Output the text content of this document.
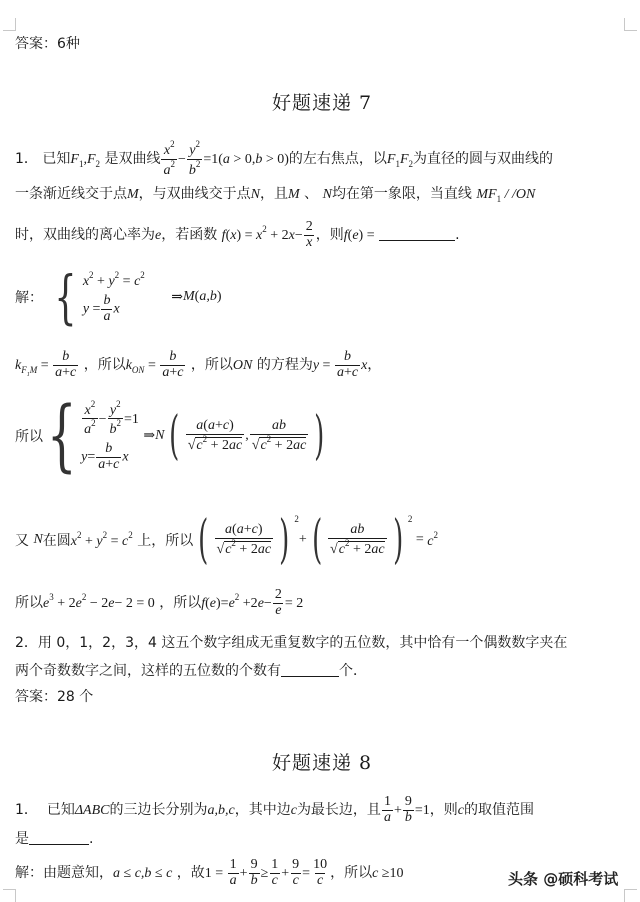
答案：6种
好题速递 7
1． 已知$F_1,F_2$ 是双曲线 $\frac{x^2}{a^2} - \frac{y^2}{b^2} =1(a > 0,b > 0)$的左右焦点，以$F_1F_2$为直径的圆与双曲线的
一条渐近线交于点M，与双曲线交于点N，且M 、 N均在第一象限，当直线 $MF_1 / /ON$
时，双曲线的离心率为e，若函数 $f(x) = x^2 + 2x- \frac{2}{x}$ ，则f(e) =	.
解： { $x^2 + y^2 = c^2$
$y = \frac{b}{a}$ x
⇒M(a,b)
$k_{F_1M} = \frac{b}{a+c}$ ，所以$k_{ON} = \frac{b}{a+c}$ ，所以ON 的方程为$y = \frac{b}{a+c}$ x，
所以{ $\frac{x^2}{a^2} - \frac{y^2}{b^2} =1$
$y= \frac{b}{a+c}$ x
⇒N( $\frac{a(a+c)}{√c^2 + 2ac}$ , $\frac{ab}{√c^2 + 2ac}$ )
又 N在圆$x^2 + y^2 = c^2$ 上，所以( $\frac{a(a+c)}{√c^2 + 2ac}$ ) $^2+( \frac{ab}{√c^2 + 2ac}$ ) $^2 = c^2$
所以$e^3 + 2e^2 - 2e- 2 = 0$ ，所以$f(e)=e^2 +2e- \frac{2}{e} = 2$
2．用 0，1，2，3，4 这五个数字组成无重复数字的五位数，其中恰有一个偶数数字夹在
两个奇数数字之间，这样的五位数的个数有	个．
答案：28 个
好题速递 8
1． 已知ΔABC的三边长分别为a,b,c，其中边c为最长边，且 $\frac{1}{a} + \frac{9}{b} =1$，则c的取值范围
是	.
解：由题意知，a ≤ c,b ≤ c ，故$1 = \frac{1}{a} + \frac{9}{b} \ge \frac{1}{c} + \frac{9}{c} = \frac{10}{c}$ ，所以c ≥10	头条 @硕科考试
